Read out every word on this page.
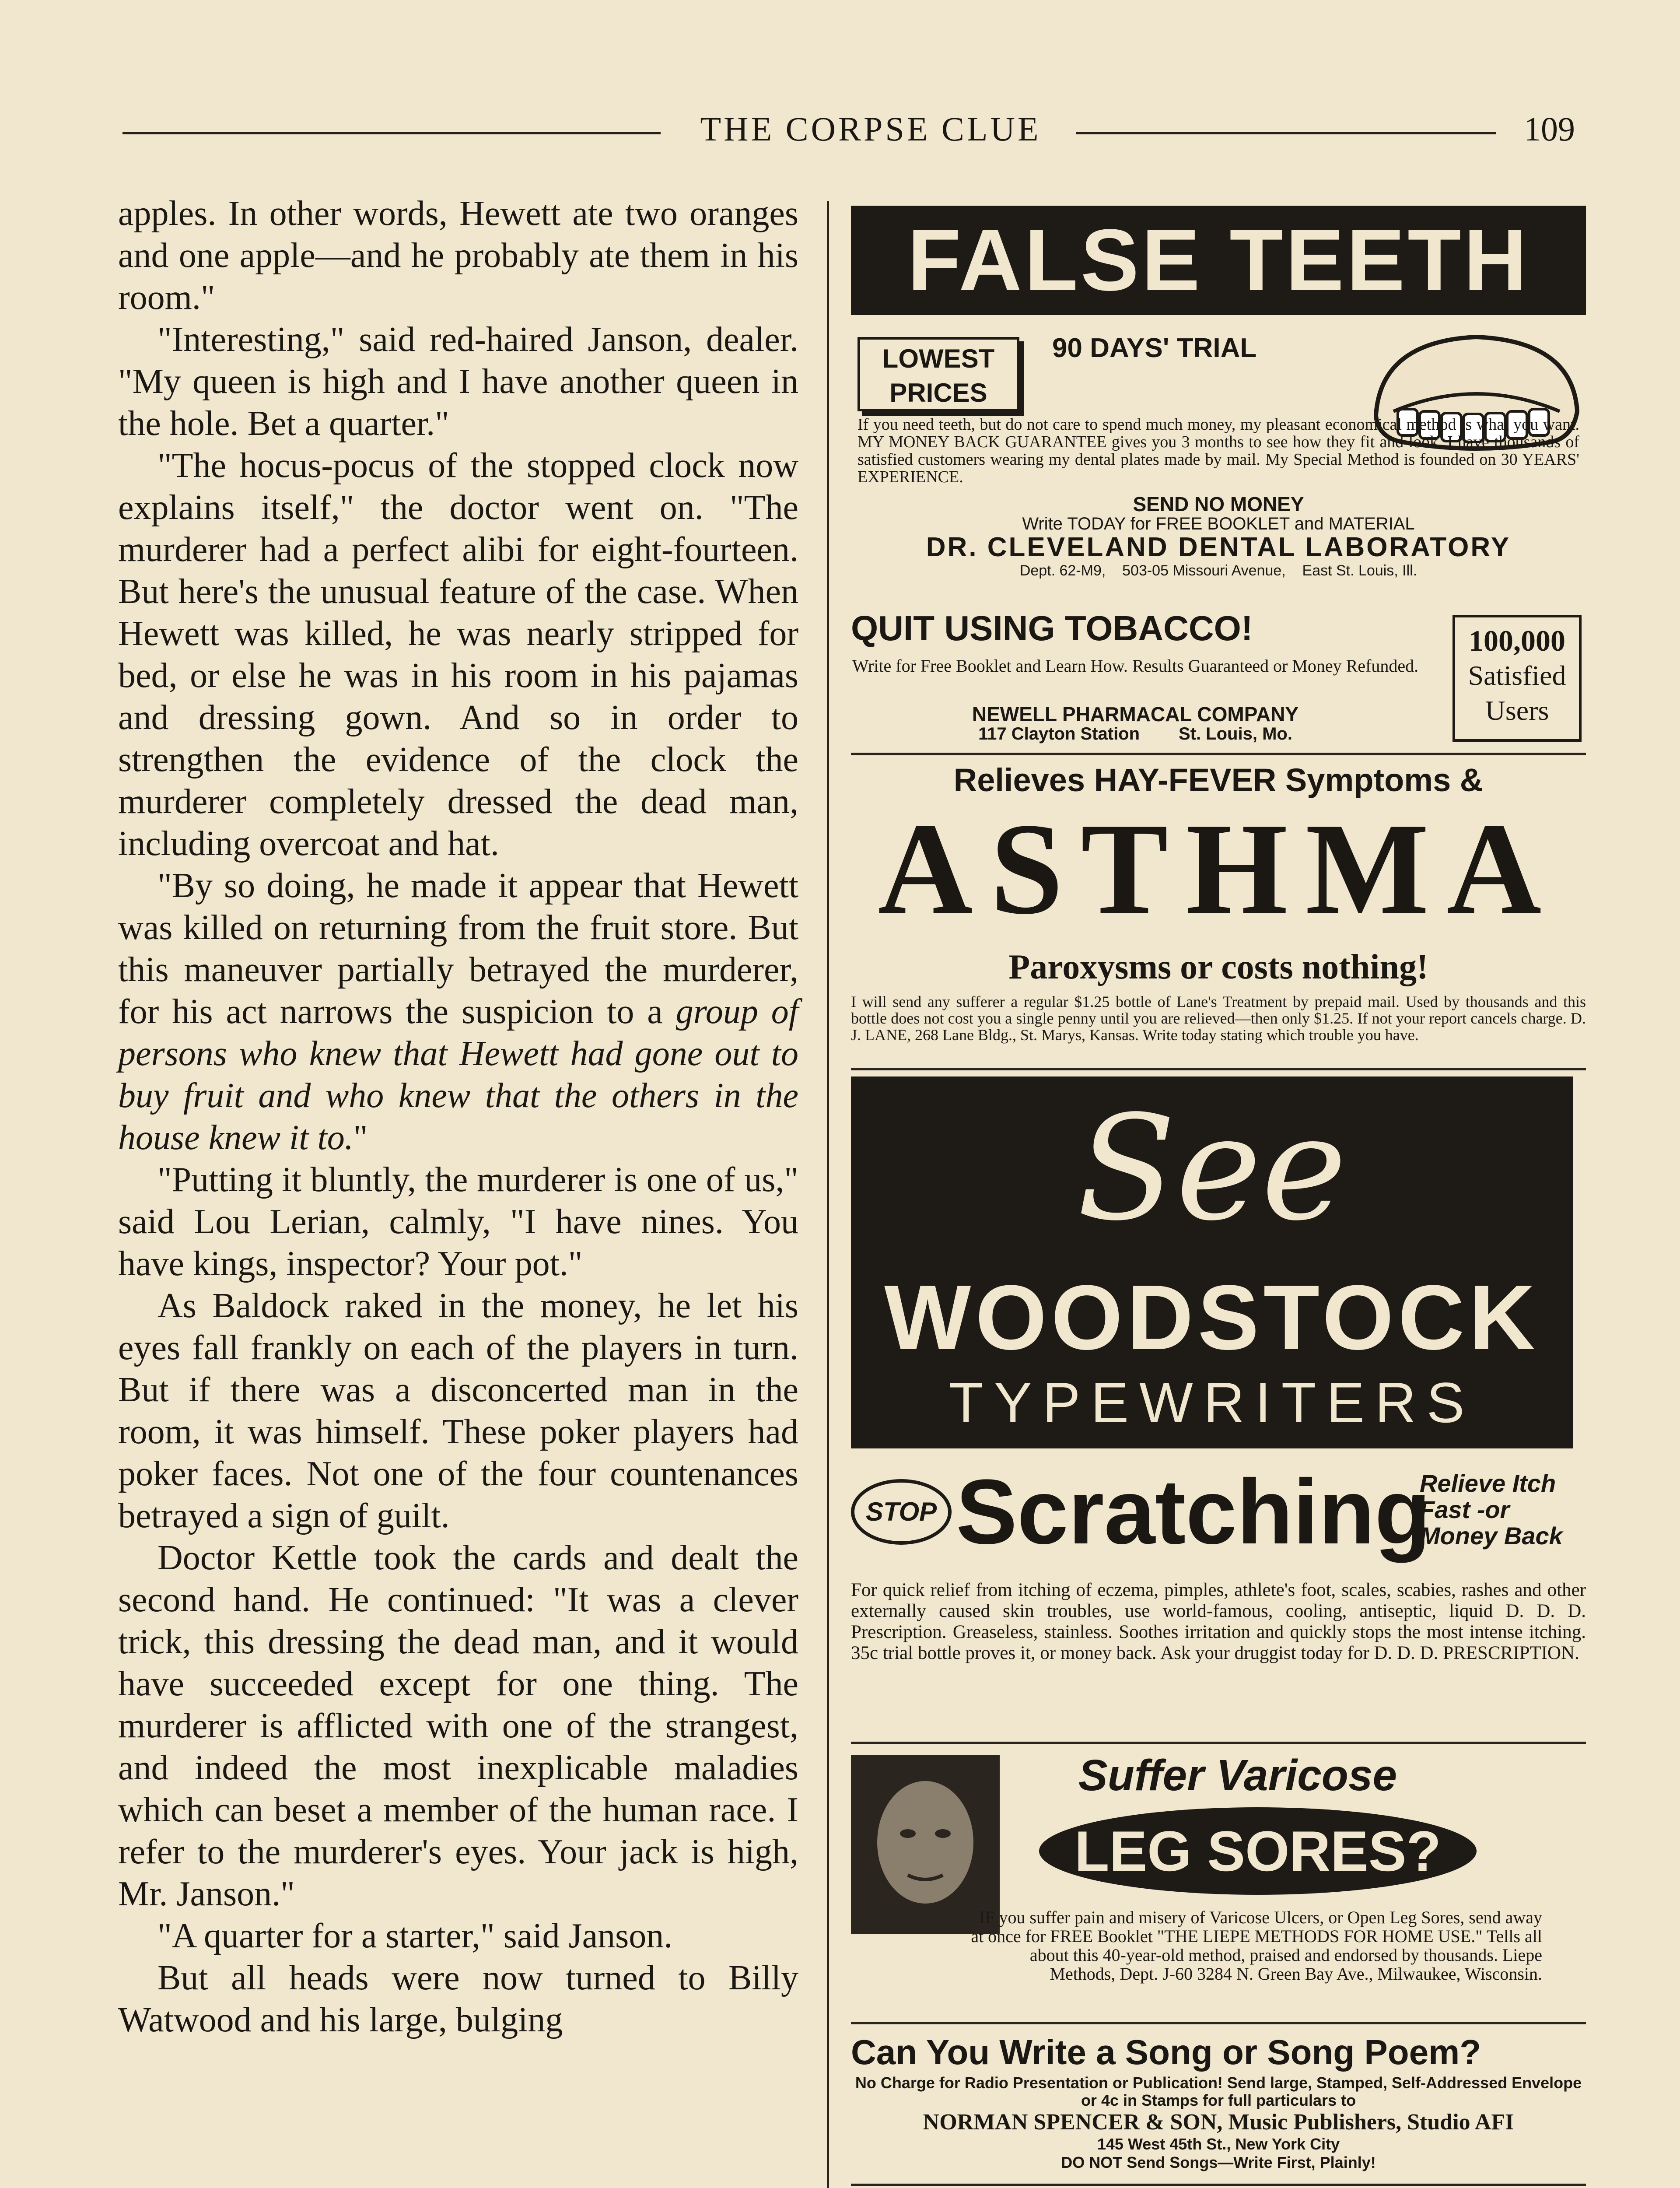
THE CORPSE CLUE	109

apples. In other words, Hewett ate two oranges and one apple—and he probably ate them in his room."

"Interesting," said red-haired Janson, dealer. "My queen is high and I have another queen in the hole. Bet a quarter."

"The hocus-pocus of the stopped clock now explains itself," the doctor went on. "The murderer had a perfect alibi for eight-fourteen. But here's the unusual feature of the case. When Hewett was killed, he was nearly stripped for bed, or else he was in his room in his pajamas and dressing gown. And so in order to strengthen the evidence of the clock the murderer completely dressed the dead man, including overcoat and hat.

"By so doing, he made it appear that Hewett was killed on returning from the fruit store. But this maneuver partially betrayed the murderer, for his act narrows the suspicion to a group of persons who knew that Hewett had gone out to buy fruit and who knew that the others in the house knew it to."

"Putting it bluntly, the murderer is one of us," said Lou Lerian, calmly, "I have nines. You have kings, inspector? Your pot."

As Baldock raked in the money, he let his eyes fall frankly on each of the players in turn. But if there was a disconcerted man in the room, it was himself. These poker players had poker faces. Not one of the four countenances betrayed a sign of guilt.

Doctor Kettle took the cards and dealt the second hand. He continued: "It was a clever trick, this dressing the dead man, and it would have succeeded except for one thing. The murderer is afflicted with one of the strangest, and indeed the most inexplicable maladies which can beset a member of the human race. I refer to the murderer's eyes. Your jack is high, Mr. Janson."

"A quarter for a starter," said Janson.

But all heads were now turned to Billy Watwood and his large, bulging

FALSE TEETH
LOWEST PRICES
90 DAYS' TRIAL
If you need teeth, but do not care to spend much money, my pleasant economical method is what you want. MY MONEY BACK GUARANTEE gives you 3 months to see how they fit and look. I have thousands of satisfied customers wearing my dental plates made by mail. My Special Method is founded on 30 YEARS' EXPERIENCE.
SEND NO MONEY
Write TODAY for FREE BOOKLET and MATERIAL
DR. CLEVELAND DENTAL LABORATORY
Dept. 62-M9,    503-05 Missouri Avenue,    East St. Louis, Ill.
QUIT USING TOBACCO!
Write for Free Booklet and Learn How. Results Guaranteed or Money Refunded.
NEWELL PHARMACAL COMPANY
117 Clayton Station        St. Louis, Mo.
100,000
Satisfied Users
Relieves HAY-FEVER Symptoms &
ASTHMA
Paroxysms or costs nothing!
I will send any sufferer a regular $1.25 bottle of Lane's Treatment by prepaid mail. Used by thousands and this bottle does not cost you a single penny until you are relieved—then only $1.25. If not your report cancels charge. D. J. LANE, 268 Lane Bldg., St. Marys, Kansas. Write today stating which trouble you have.
See
WOODSTOCK
TYPEWRITERS
STOP Scratching
Relieve Itch Fast -or Money Back
For quick relief from itching of eczema, pimples, athlete's foot, scales, scabies, rashes and other externally caused skin troubles, use world-famous, cooling, antiseptic, liquid D. D. D. Prescription. Greaseless, stainless. Soothes irritation and quickly stops the most intense itching. 35c trial bottle proves it, or money back. Ask your druggist today for D. D. D. PRESCRIPTION.
Suffer Varicose
LEG SORES?
IF you suffer pain and misery of Varicose Ulcers, or Open Leg Sores, send away at once for FREE Booklet "THE LIEPE METHODS FOR HOME USE." Tells all about this 40-year-old method, praised and endorsed by thousands. Liepe Methods, Dept. J-60 3284 N. Green Bay Ave., Milwaukee, Wisconsin.
Can You Write a Song or Song Poem?
No Charge for Radio Presentation or Publication! Send large, Stamped, Self-Addressed Envelope or 4c in Stamps for full particulars to
NORMAN SPENCER & SON, Music Publishers, Studio AFI
145 West 45th St., New York City
DO NOT Send Songs—Write First, Plainly!
